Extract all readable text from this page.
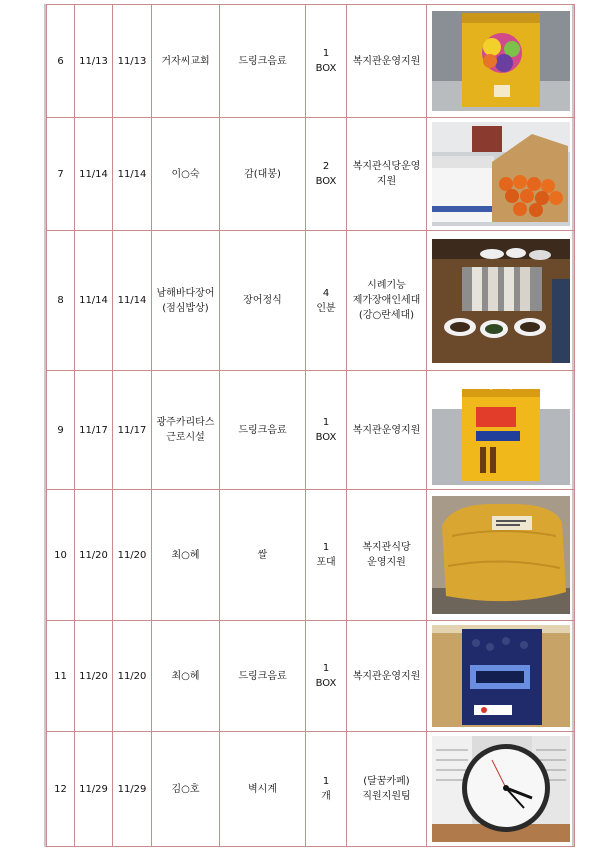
6	11/13	11/13	거자씨교회	드링크음료	1
BOX	복지관운영지원	

7	11/14	11/14	이○숙	감(대봉)	2
BOX	복지관식당운영
지원	

8	11/14	11/14	남해바다장어
(점심밥상)	장어정식	4
인분	시례기능
제가장애인세대
(강○란세대)	

9	11/17	11/17	광주카리타스
근로시설	드링크음료	1
BOX	복지관운영지원	

10	11/20	11/20	최○혜	쌀	1
포대	복지관식당
운영지원	

11	11/20	11/20	최○혜	드링크음료	1
BOX	복지관운영지원	

12	11/29	11/29	김○호	벽시계	1
개	(달꿈카페)
직원지원팀	
